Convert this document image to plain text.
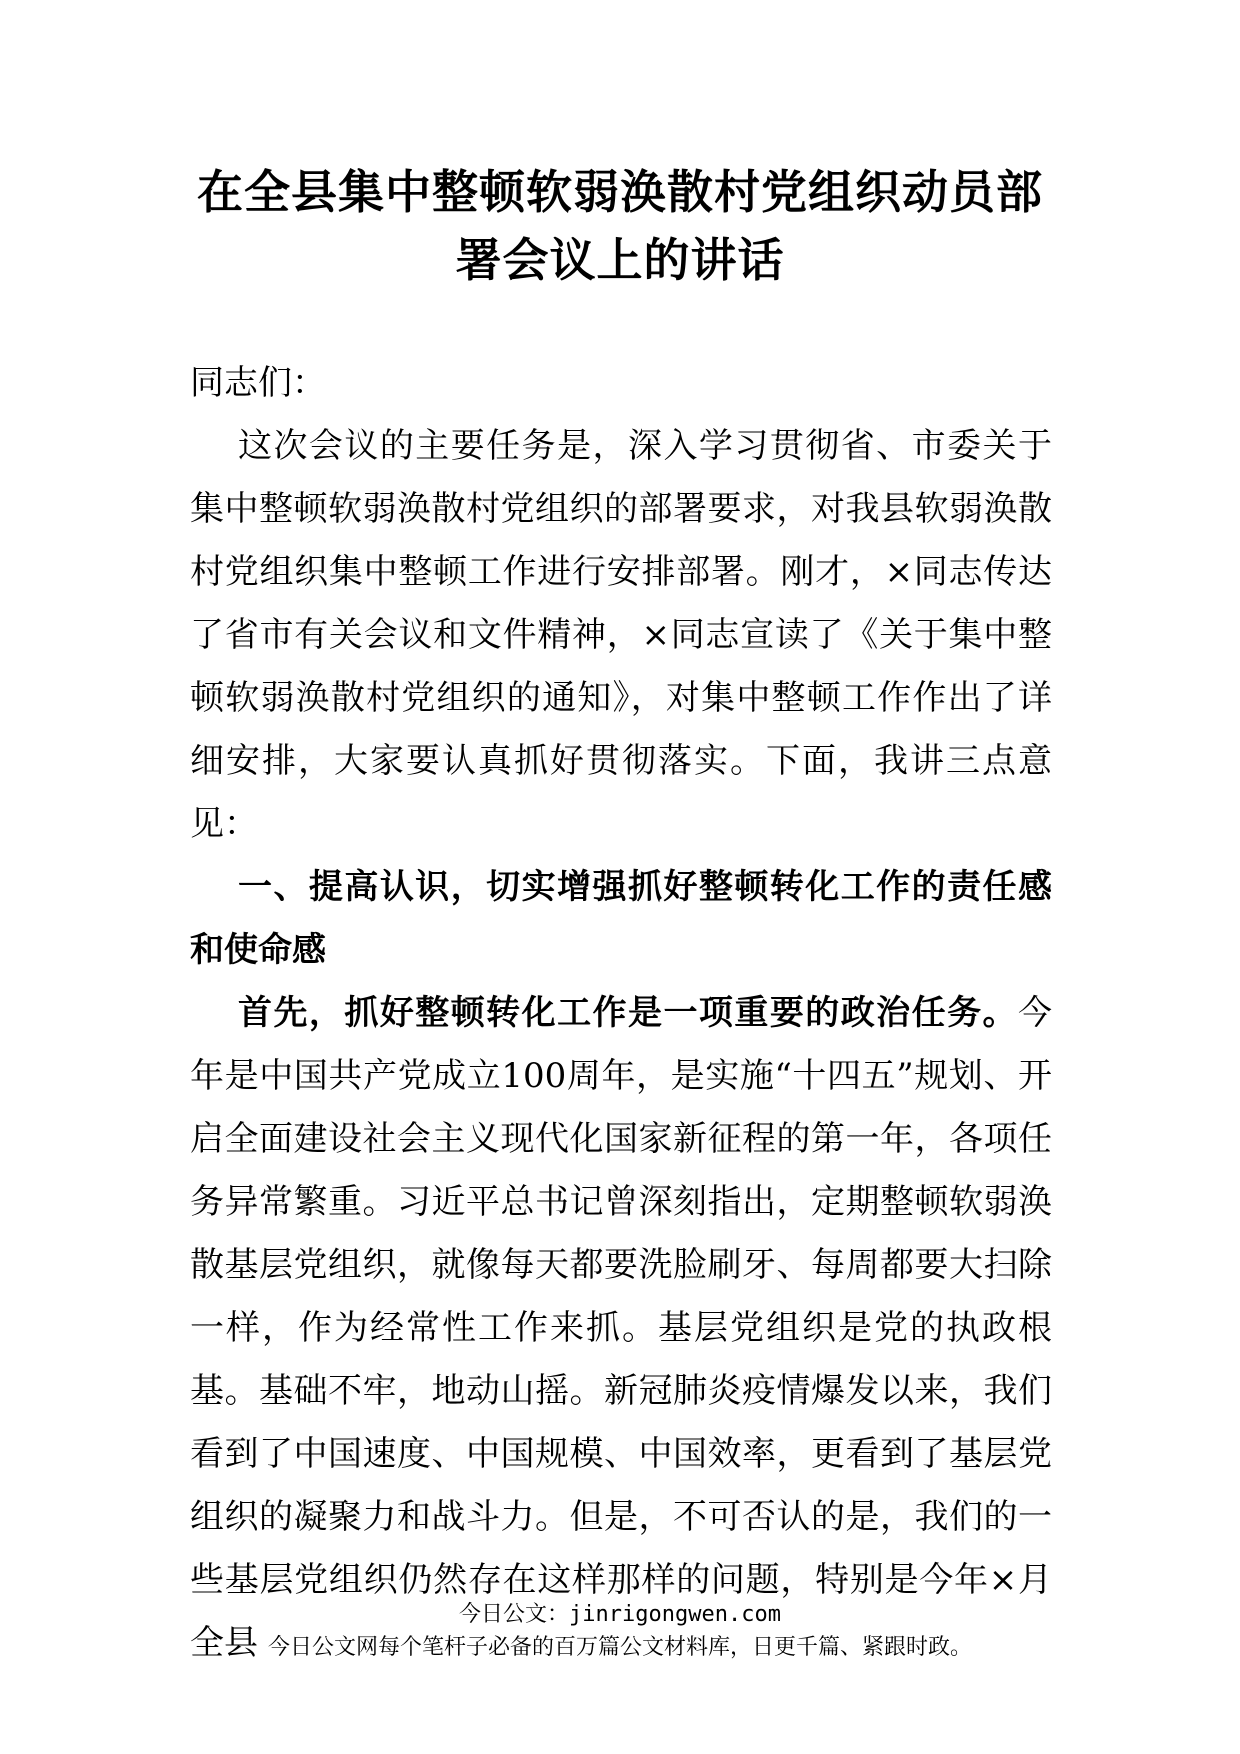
在全县集中整顿软弱涣散村党组织动员部
署会议上的讲话

同志们：

这次会议的主要任务是，深入学习贯彻省、市委关于集中整顿软弱涣散村党组织的部署要求，对我县软弱涣散村党组织集中整顿工作进行安排部署。刚才，×同志传达了省市有关会议和文件精神，×同志宣读了《关于集中整顿软弱涣散村党组织的通知》，对集中整顿工作作出了详细安排，大家要认真抓好贯彻落实。下面，我讲三点意见：

一、提高认识，切实增强抓好整顿转化工作的责任感和使命感

首先，抓好整顿转化工作是一项重要的政治任务。今年是中国共产党成立100周年，是实施“十四五”规划、开启全面建设社会主义现代化国家新征程的第一年，各项任务异常繁重。习近平总书记曾深刻指出，定期整顿软弱涣散基层党组织，就像每天都要洗脸刷牙、每周都要大扫除一样，作为经常性工作来抓。基层党组织是党的执政根基。基础不牢，地动山摇。新冠肺炎疫情爆发以来，我们看到了中国速度、中国规模、中国效率，更看到了基层党组织的凝聚力和战斗力。但是，不可否认的是，我们的一些基层党组织仍然存在这样那样的问题，特别是今年×月全县

今日公文：jinrigongwen.com
今日公文网每个笔杆子必备的百万篇公文材料库，日更千篇、紧跟时政。
